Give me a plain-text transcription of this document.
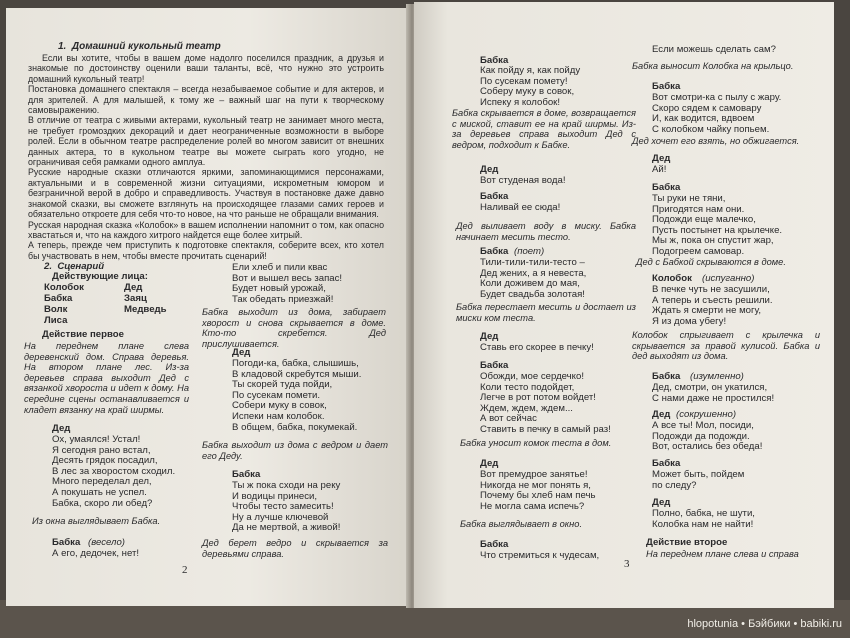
1.  Домашний кукольный театр
Если вы хотите, чтобы в вашем доме надолго поселился праздник, а друзья и знакомые по достоинству оценили ваши таланты, всё, что нужно это устроить домашний кукольный театр!
Постановка домашнего спектакля – всегда незабываемое событие и для актеров, и для зрителей. А для малышей, к тому же – важный шаг на пути к творческому самовыражению.
В отличие от театра с живыми актерами, кукольный театр не занимает много места, не требует громоздких декораций и дает неограниченные возможности в выборе ролей. Если в обычном театре распределение ролей во многом зависит от внешних данных актера, то в кукольном театре вы можете сыграть кого угодно, не ограничивая себя рамками одного амплуа.
Русские народные сказки отличаются яркими, запоминающимися персонажами, актуальными и в современной жизни ситуациями, искрометным юмором и безграничной верой в добро и справедливость. Участвуя в постановке даже давно знакомой сказки, вы сможете взглянуть на происходящее глазами самих героев и обязательно откроете для себя что-то новое, на что раньше не обращали внимания.
Русская народная сказка «Колобок» в вашем исполнении напомнит о том, как опасно хвастаться и, что на каждого хитрого найдется еще более хитрый.
А теперь, прежде чем приступить к подготовке спектакля, соберите всех, кто хотел бы участвовать в нем, чтобы вместе прочитать сценарий!
2.  Сценарий
Действующие лица:
Колобок	Дед
Бабка	Заяц
Волк	Медведь
Лиса
Действие первое
На переднем плане слева деревенский дом. Справа деревья. На втором плане лес. Из-за деревьев справа выходит Дед с вязанкой хвороста и идет к дому. На середине сцены останавливается и кладет вязанку на край ширмы.
Дед
Ох, умаялся! Устал!
Я сегодня рано встал,
Десять грядок посадил,
В лес за хворостом сходил.
Много переделал дел,
А покушать не успел.
Бабка, скоро ли обед?
Из окна выглядывает Бабка.
Бабка (весело)
А его, дедочек, нет!
Ели хлеб и пили квас
Вот и вышел весь запас!
Будет новый урожай,
Так обедать приезжай!
Бабка выходит из дома, забирает хворост и снова скрывается в доме. Кто-то скребется. Дед прислушивается.
Дед
Погоди-ка, бабка, слышишь,
В кладовой скребутся мыши.
Ты скорей туда пойди,
По сусекам помети.
Собери муку в совок,
Испеки нам колобок.
В общем, бабка, покумекай.
Бабка выходит из дома с ведром и дает его Деду.
Бабка
Ты ж пока сходи на реку
И водицы принеси,
Чтобы тесто замесить!
Ну а лучше ключевой
Да не мертвой, а живой!
Дед берет ведро и скрывается за деревьями справа.
2
Бабка
Как пойду я, как пойду
По сусекам пометy!
Соберу муку в совок,
Испеку я колобок!
Бабка скрывается в доме, возвращается с миской, ставит ее на край ширмы. Из-за деревьев справа выходит Дед с ведром, подходит к Бабке.
Дед
Вот студеная вода!
Бабка
Наливай ее сюда!
Дед выливает воду в миску. Бабка начинает месить тесто.
Бабка (поет)
Тили-тили-тили-тесто –
Дед жених, а я невеста,
Коли доживем до мая,
Будет свадьба золотая!
Бабка перестает месить и достает из миски ком теста.
Дед
Ставь его скорее в печку!
Бабка
Обожди, мое сердечко!
Коли тесто подойдет,
Легче в рот потом войдет!
Ждем, ждем, ждем...
А вот сейчас
Ставить в печку в самый раз!
Бабка уносит комок теста в дом.
Дед
Вот премудрое занятье!
Никогда не мог понять я,
Почему бы хлеб нам печь
Не могла сама испечь?
Бабка выглядывает в окно.
Бабка
Что стремиться к чудесам,
Если можешь сделать сам?
Бабка выносит Колобка на крыльцо.
Бабка
Вот смотри-ка с пылу с жару.
Скоро сядем к самовару
И, как водится, вдвоем
С колобком чайку попьем.
Дед хочет его взять, но обжигается.
Дед
Ай!
Бабка
Ты руки не тяни,
Пригодятся нам они.
Подожди еще малечко,
Пусть постынет на крылечке.
Мы ж, пока он спустит жар,
Подогреем самовар.
Дед с Бабкой скрываются в доме.
Колобок (испуганно)
В печке чуть не засушили,
А теперь и съесть решили.
Ждать я смерти не могу,
Я из дома убегу!
Колобок спрыгивает с крылечка и скрывается за правой кулисой. Бабка и дед выходят из дома.
Бабка (изумленно)
Дед, смотри, он укатился,
С нами даже не простился!
Дед (сокрушенно)
А все ты! Мол, посиди,
Подожди да подожди.
Вот, остались без обеда!
Бабка
Может быть, пойдем
по следу?
Дед
Полно, бабка, не шути,
Колобка нам не найти!
Действие второе
На переднем плане слева и справа
3
hlopotunia • Бэйбики • babiki.ru
